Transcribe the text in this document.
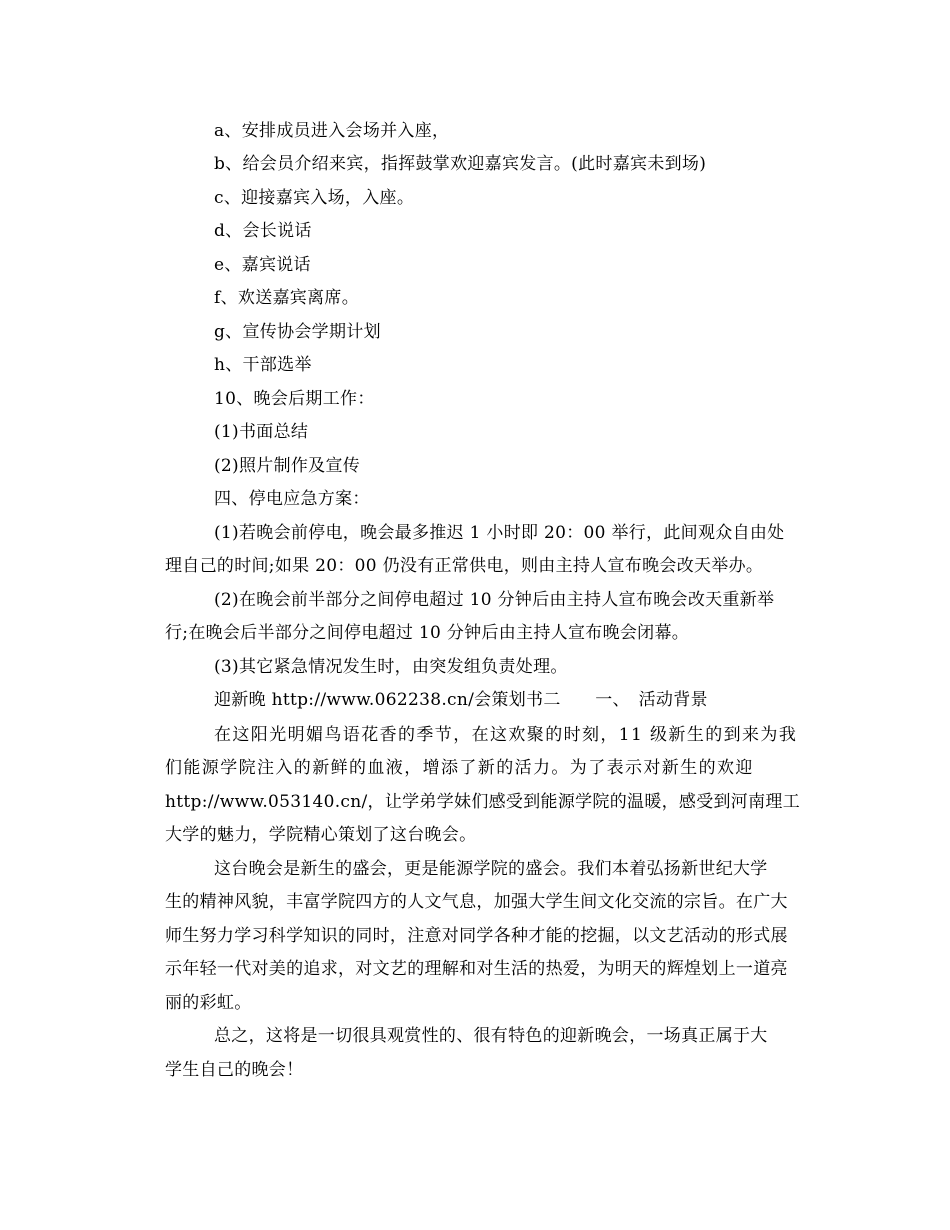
a、安排成员进入会场并入座，
b、给会员介绍来宾，指挥鼓掌欢迎嘉宾发言。(此时嘉宾未到场)
c、迎接嘉宾入场，入座。
d、会长说话
e、嘉宾说话
f、欢送嘉宾离席。
g、宣传协会学期计划
h、干部选举
10、晚会后期工作：
(1)书面总结
(2)照片制作及宣传
四、停电应急方案：
(1)若晚会前停电，晚会最多推迟 1 小时即 20：00 举行，此间观众自由处
理自己的时间;如果 20：00 仍没有正常供电，则由主持人宣布晚会改天举办。
(2)在晚会前半部分之间停电超过 10 分钟后由主持人宣布晚会改天重新举
行;在晚会后半部分之间停电超过 10 分钟后由主持人宣布晚会闭幕。
(3)其它紧急情况发生时，由突发组负责处理。
迎新晚 http://www.062238.cn/会策划书二　　一、　活动背景
在这阳光明媚鸟语花香的季节，在这欢聚的时刻，11 级新生的到来为我
们能源学院注入的新鲜的血液，增添了新的活力。为了表示对新生的欢迎
http://www.053140.cn/，让学弟学妹们感受到能源学院的温暖，感受到河南理工
大学的魅力，学院精心策划了这台晚会。
这台晚会是新生的盛会，更是能源学院的盛会。我们本着弘扬新世纪大学
生的精神风貌，丰富学院四方的人文气息，加强大学生间文化交流的宗旨。在广大
师生努力学习科学知识的同时，注意对同学各种才能的挖掘，以文艺活动的形式展
示年轻一代对美的追求，对文艺的理解和对生活的热爱，为明天的辉煌划上一道亮
丽的彩虹。
总之，这将是一切很具观赏性的、很有特色的迎新晚会，一场真正属于大
学生自己的晚会！
